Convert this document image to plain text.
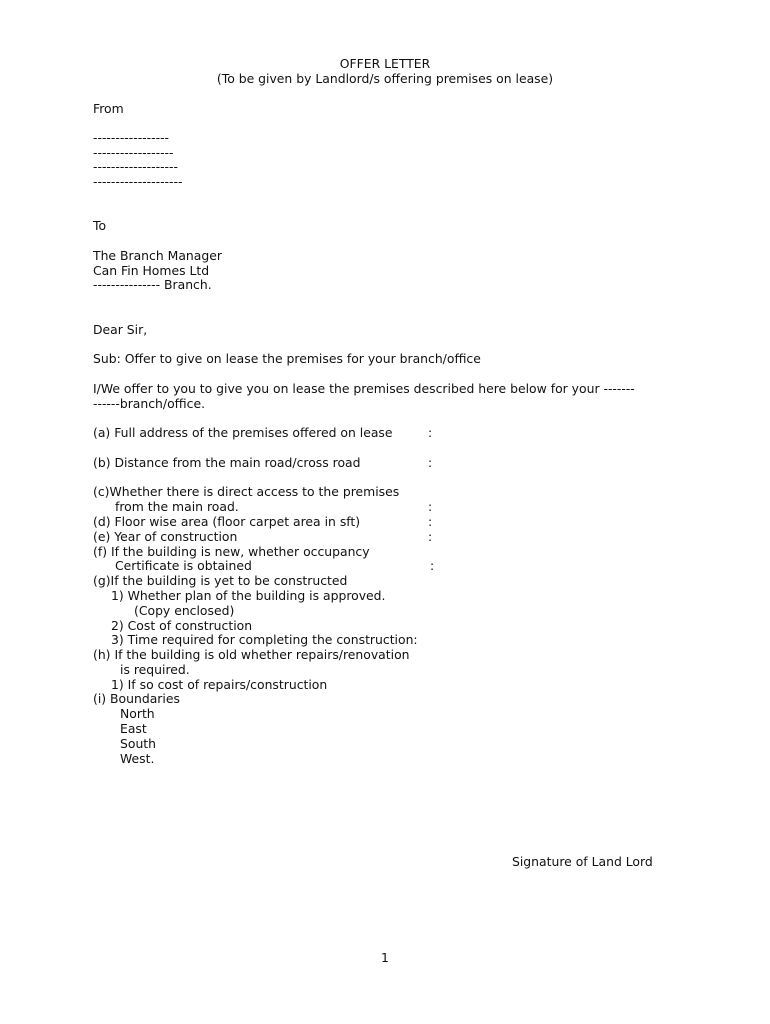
OFFER LETTER
(To be given by Landlord/s offering premises on lease)
From
-----------------
------------------
-------------------
--------------------
To
The Branch Manager
Can Fin Homes Ltd
--------------- Branch.
Dear Sir,
Sub: Offer to give on lease the premises for your branch/office
I/We offer to you to give you on lease the premises described here below for your -------
------branch/office.
(a) Full address of the premises offered on lease	:
(b) Distance from the main road/cross road	:
(c)Whether there is direct access to the premises
from the main road.	:
(d) Floor wise area (floor carpet area in sft)	:
(e) Year of construction	:
(f) If the building is new, whether occupancy
Certificate is obtained	:
(g)If the building is yet to be constructed
1) Whether plan of the building is approved.
(Copy enclosed)
2) Cost of construction
3) Time required for completing the construction:
(h) If the building is old whether repairs/renovation
is required.
1) If so cost of repairs/construction
(i) Boundaries
North
East
South
West.
Signature of Land Lord
1
